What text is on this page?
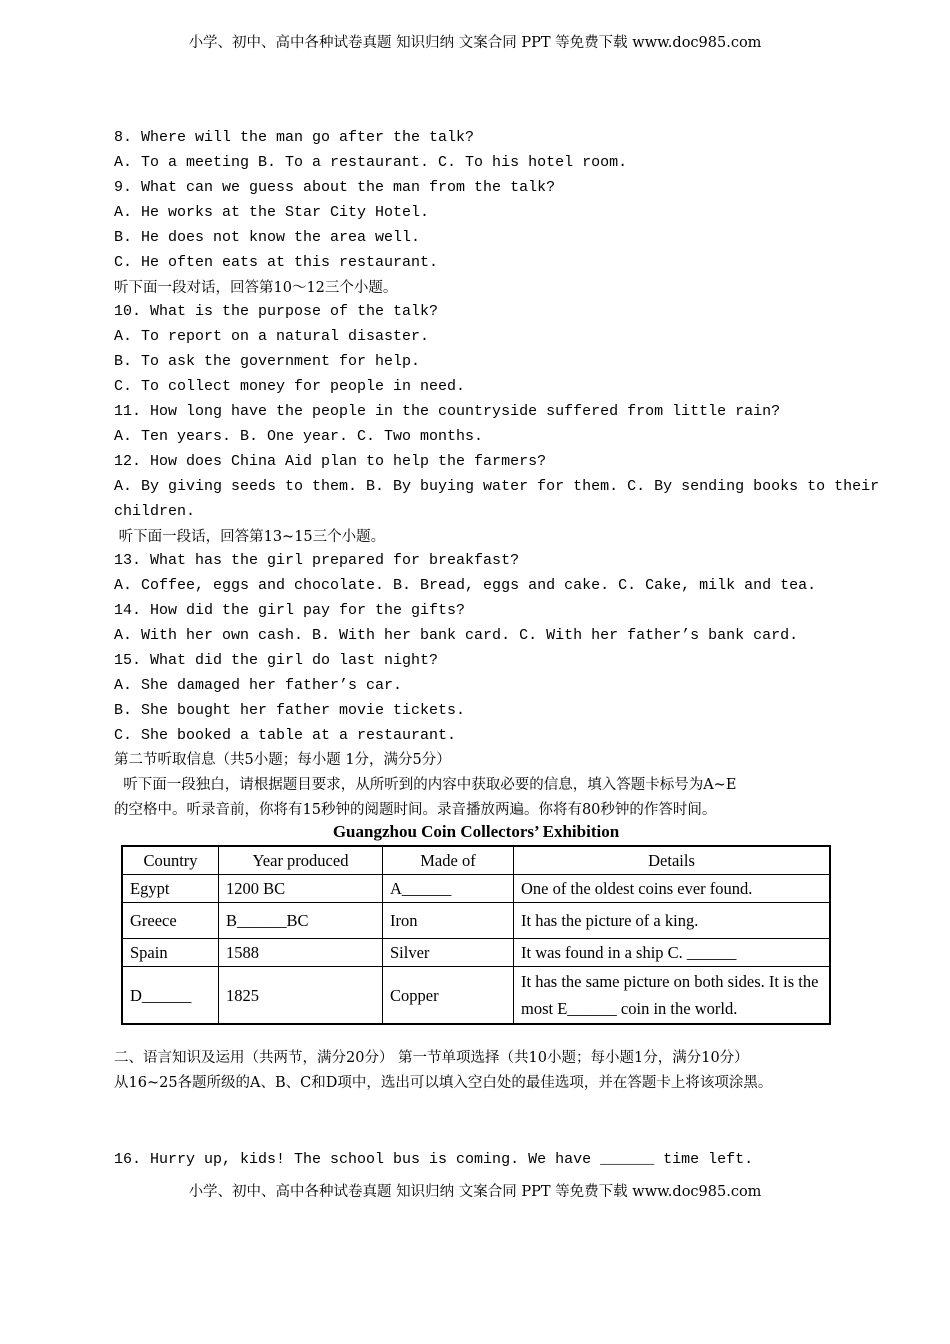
小学、初中、高中各种试卷真题 知识归纳 文案合同 PPT 等免费下载 www.doc985.com
8. Where will the man go after the talk?
A. To a meeting B. To a restaurant. C. To his hotel room.
9. What can we guess about the man from the talk?
A. He works at the Star City Hotel.
B. He does not know the area well.
C. He often eats at this restaurant.
听下面一段对话，回答第10～12三个小题。
10. What is the purpose of the talk?
A. To report on a natural disaster.
B. To ask the government for help.
C. To collect money for people in need.
11. How long have the people in the countryside suffered from little rain?
A. Ten years. B. One year. C. Two months.
12. How does China Aid plan to help the farmers?
A. By giving seeds to them. B. By buying water for them. C. By sending books to their
children.
听下面一段话，回答第13~15三个小题。
13. What has the girl prepared for breakfast?
A. Coffee, eggs and chocolate. B. Bread, eggs and cake. C. Cake, milk and tea.
14. How did the girl pay for the gifts?
A. With her own cash. B. With her bank card. C. With her father’s bank card.
15. What did the girl do last night?
A. She damaged her father’s car.
B. She bought her father movie tickets.
C. She booked a table at a restaurant.
第二节听取信息（共5小题；每小题 1分，满分5分）
听下面一段独白，请根据题目要求，从所听到的内容中获取必要的信息，填入答题卡标号为A~E
的空格中。听录音前，你将有15秒钟的阅题时间。录音播放两遍。你将有80秒钟的作答时间。
Guangzhou Coin Collectors’ Exhibition
Country	Year produced	Made of	Details
Egypt	1200 BC	A______	One of the oldest coins ever found.
Greece	B______BC	Iron	It has the picture of a king.
Spain	1588	Silver	It was found in a ship C. ______
D______	1825	Copper	It has the same picture on both sides. It is the most E______ coin in the world.
二、语言知识及运用（共两节，满分20分） 第一节单项选择（共10小题；每小题1分，满分10分）
从16~25各题所级的A、B、C和D项中，选出可以填入空白处的最佳选项，并在答题卡上将该项涂黑。
16. Hurry up, kids! The school bus is coming. We have ______ time left.
小学、初中、高中各种试卷真题 知识归纳 文案合同 PPT 等免费下载 www.doc985.com
